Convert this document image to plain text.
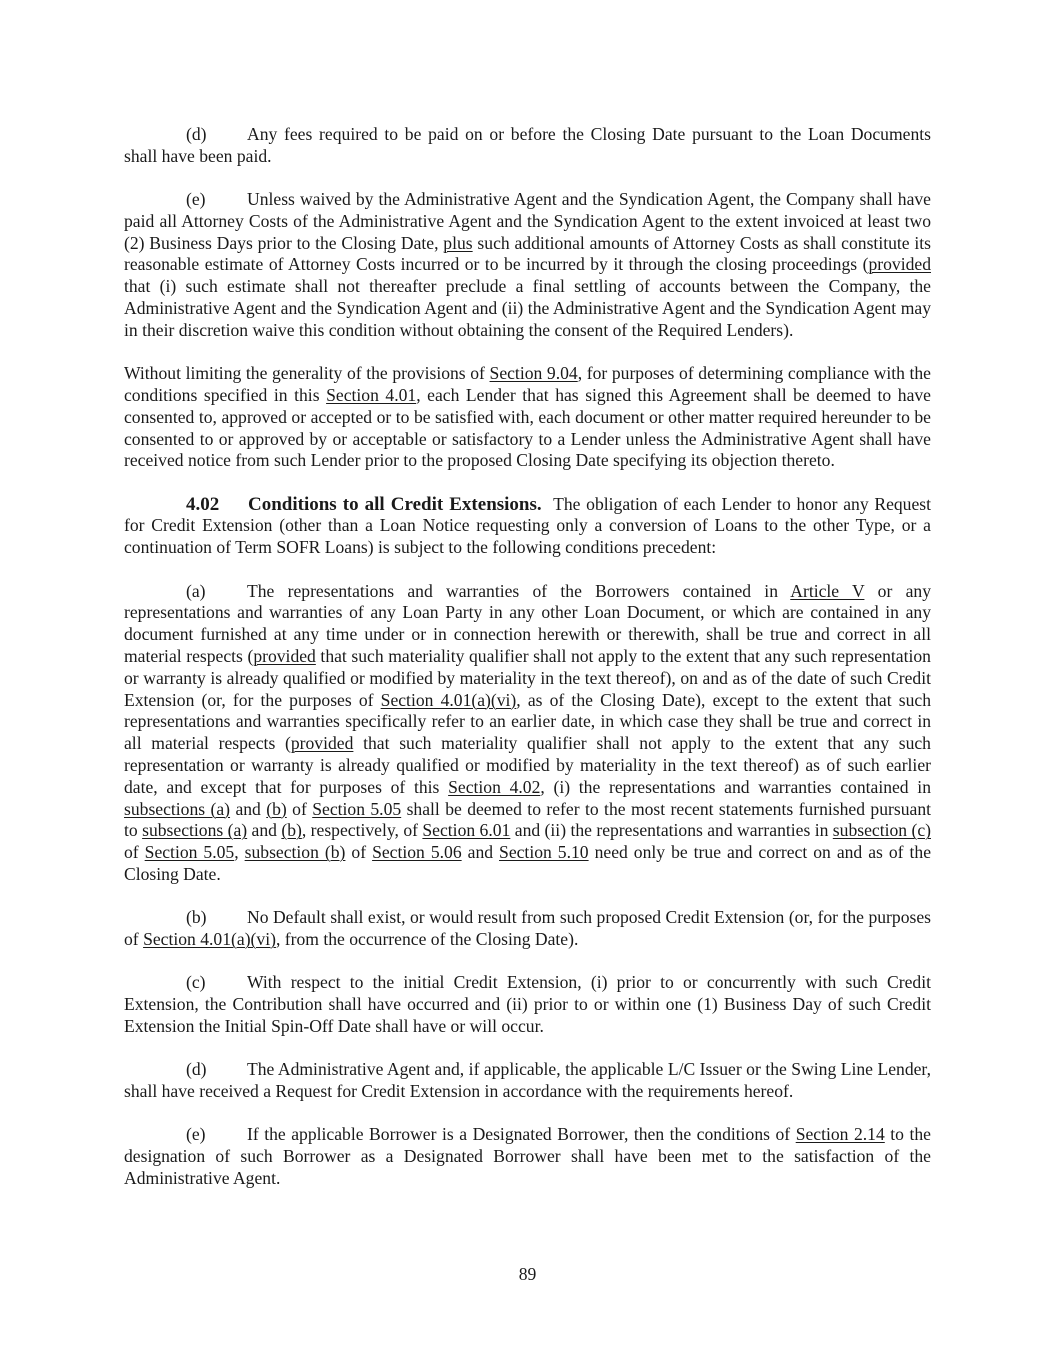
(d) Any fees required to be paid on or before the Closing Date pursuant to the Loan Documents shall have been paid.

(e) Unless waived by the Administrative Agent and the Syndication Agent, the Company shall have paid all Attorney Costs of the Administrative Agent and the Syndication Agent to the extent invoiced at least two (2) Business Days prior to the Closing Date, plus such additional amounts of Attorney Costs as shall constitute its reasonable estimate of Attorney Costs incurred or to be incurred by it through the closing proceedings (provided that (i) such estimate shall not thereafter preclude a final settling of accounts between the Company, the Administrative Agent and the Syndication Agent and (ii) the Administrative Agent and the Syndication Agent may in their discretion waive this condition without obtaining the consent of the Required Lenders).

Without limiting the generality of the provisions of Section 9.04, for purposes of determining compliance with the conditions specified in this Section 4.01, each Lender that has signed this Agreement shall be deemed to have consented to, approved or accepted or to be satisfied with, each document or other matter required hereunder to be consented to or approved by or acceptable or satisfactory to a Lender unless the Administrative Agent shall have received notice from such Lender prior to the proposed Closing Date specifying its objection thereto.

4.02 Conditions to all Credit Extensions. The obligation of each Lender to honor any Request for Credit Extension (other than a Loan Notice requesting only a conversion of Loans to the other Type, or a continuation of Term SOFR Loans) is subject to the following conditions precedent:

(a) The representations and warranties of the Borrowers contained in Article V or any representations and warranties of any Loan Party in any other Loan Document, or which are contained in any document furnished at any time under or in connection herewith or therewith, shall be true and correct in all material respects (provided that such materiality qualifier shall not apply to the extent that any such representation or warranty is already qualified or modified by materiality in the text thereof), on and as of the date of such Credit Extension (or, for the purposes of Section 4.01(a)(vi), as of the Closing Date), except to the extent that such representations and warranties specifically refer to an earlier date, in which case they shall be true and correct in all material respects (provided that such materiality qualifier shall not apply to the extent that any such representation or warranty is already qualified or modified by materiality in the text thereof) as of such earlier date, and except that for purposes of this Section 4.02, (i) the representations and warranties contained in subsections (a) and (b) of Section 5.05 shall be deemed to refer to the most recent statements furnished pursuant to subsections (a) and (b), respectively, of Section 6.01 and (ii) the representations and warranties in subsection (c) of Section 5.05, subsection (b) of Section 5.06 and Section 5.10 need only be true and correct on and as of the Closing Date.

(b) No Default shall exist, or would result from such proposed Credit Extension (or, for the purposes of Section 4.01(a)(vi), from the occurrence of the Closing Date).

(c) With respect to the initial Credit Extension, (i) prior to or concurrently with such Credit Extension, the Contribution shall have occurred and (ii) prior to or within one (1) Business Day of such Credit Extension the Initial Spin-Off Date shall have or will occur.

(d) The Administrative Agent and, if applicable, the applicable L/C Issuer or the Swing Line Lender, shall have received a Request for Credit Extension in accordance with the requirements hereof.

(e) If the applicable Borrower is a Designated Borrower, then the conditions of Section 2.14 to the designation of such Borrower as a Designated Borrower shall have been met to the satisfaction of the Administrative Agent.

89
